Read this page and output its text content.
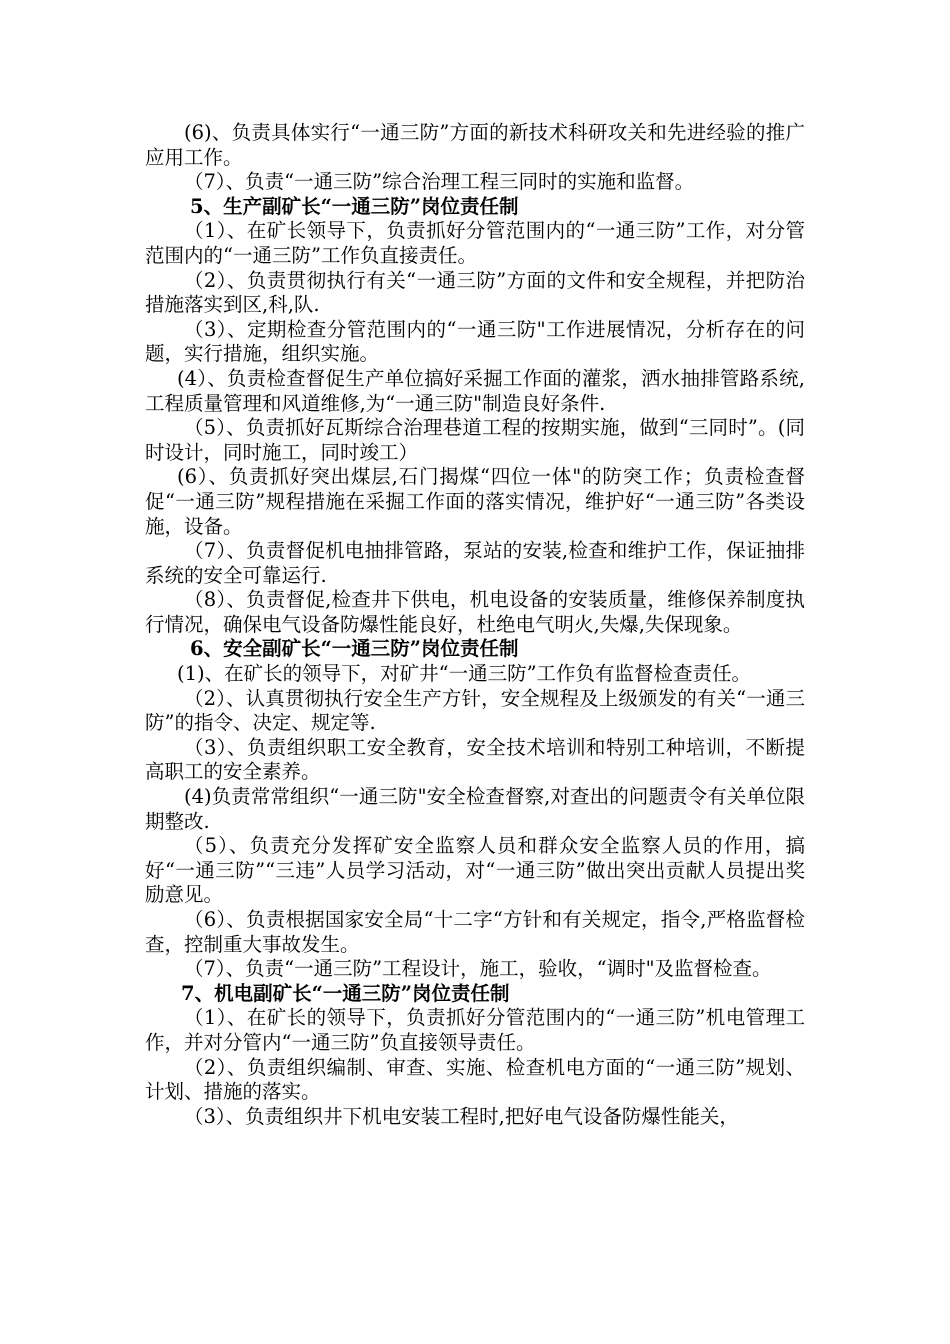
(6)、负责具体实行“一通三防”方面的新技术科研攻关和先进经验的推广应用工作。

（7）、负责“一通三防”综合治理工程三同时的实施和监督。

5、生产副矿长“一通三防”岗位责任制

（1）、在矿长领导下，负责抓好分管范围内的“一通三防”工作，对分管范围内的“一通三防”工作负直接责任。

（2）、负责贯彻执行有关“一通三防”方面的文件和安全规程，并把防治措施落实到区,科,队.

（3）、定期检查分管范围内的“一通三防"工作进展情况，分析存在的问题，实行措施，组织实施。

(4）、负责检查督促生产单位搞好采掘工作面的灌浆，洒水抽排管路系统,工程质量管理和风道维修,为“一通三防"制造良好条件.

（5）、负责抓好瓦斯综合治理巷道工程的按期实施，做到“三同时”。(同时设计，同时施工，同时竣工）

(6）、负责抓好突出煤层,石门揭煤“四位一体"的防突工作；负责检查督促“一通三防”规程措施在采掘工作面的落实情况，维护好“一通三防”各类设施，设备。

（7）、负责督促机电抽排管路，泵站的安装,检查和维护工作，保证抽排系统的安全可靠运行.

（8）、负责督促,检查井下供电，机电设备的安装质量，维修保养制度执行情况，确保电气设备防爆性能良好，杜绝电气明火,失爆,失保现象。

6、安全副矿长“一通三防”岗位责任制

(1)、在矿长的领导下，对矿井“一通三防”工作负有监督检查责任。

（2）、认真贯彻执行安全生产方针，安全规程及上级颁发的有关“一通三防”的指令、决定、规定等.

（3）、负责组织职工安全教育，安全技术培训和特别工种培训，不断提高职工的安全素养。

(4)负责常常组织“一通三防"安全检查督察,对查出的问题责令有关单位限期整改.

（5）、负责充分发挥矿安全监察人员和群众安全监察人员的作用，搞好“一通三防”“三违”人员学习活动，对“一通三防”做出突出贡献人员提出奖励意见。

（6）、负责根据国家安全局“十二字“方针和有关规定，指令,严格监督检查，控制重大事故发生。

（7）、负责“一通三防”工程设计，施工，验收，“调时"及监督检查。

7、机电副矿长“一通三防”岗位责任制

（1）、在矿长的领导下，负责抓好分管范围内的“一通三防”机电管理工作，并对分管内“一通三防”负直接领导责任。

（2）、负责组织编制、审查、实施、检查机电方面的“一通三防”规划、计划、措施的落实。

（3）、负责组织井下机电安装工程时,把好电气设备防爆性能关，
